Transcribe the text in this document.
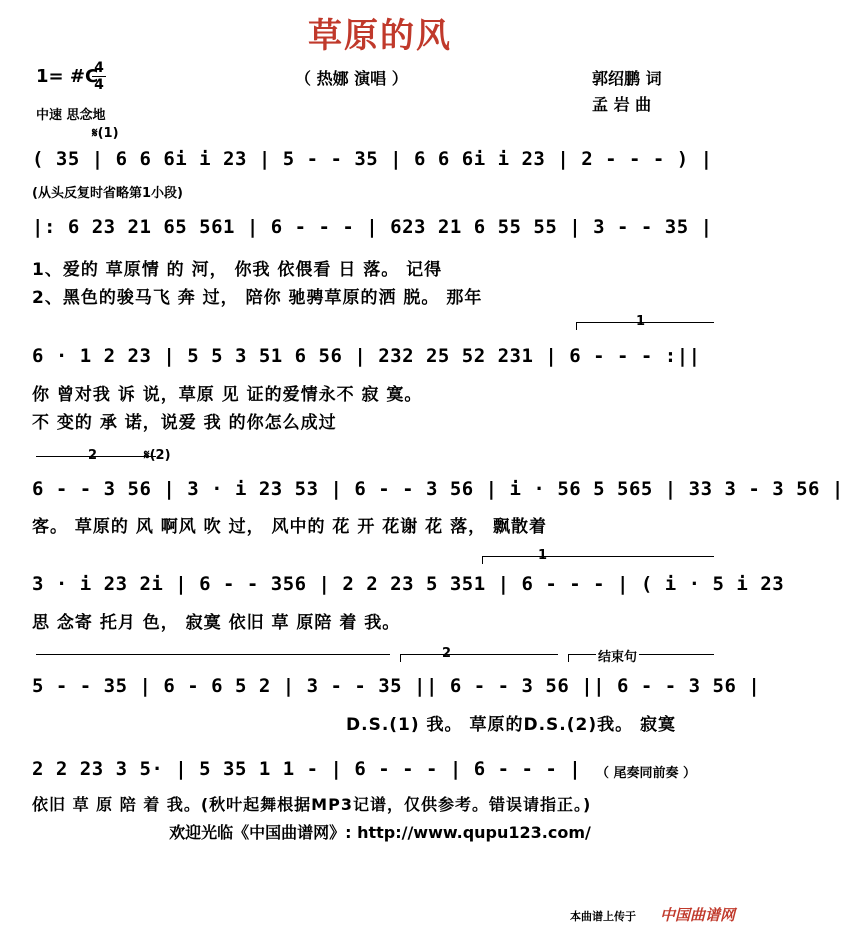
草原的风
（ 热娜 演唱 ）
1= #C
4
4
中速 思念地
郭绍鹏 词
孟 岩 曲
𝄋(1)
( 35 | 6 6 6i i 23 | 5 - - 35 | 6 6 6i i 23 | 2 - - - ) |
(从头反复时省略第1小段)
|: 6 23 21 65 561 | 6 - - - | 623 21 6 55 55 | 3 - - 35 |
1、爱的 草原情 的 河， 你我 依偎看 日 落。 记得
2、黑色的骏马飞 奔 过， 陪你 驰骋草原的洒 脱。 那年
1
6 · 1 2 23 | 5 5 3 51 6 56 | 232 25 52 231 | 6 - - - :||
你 曾对我 诉 说，草原 见 证的爱情永不 寂 寞。
不 变的 承 诺，说爱 我 的你怎么成过
2	𝄋(2)
6 - - 3 56 | 3 · i 23 53 | 6 - - 3 56 | i · 56 5 565 | 33 3 - 3 56 |
客。 草原的 风 啊风 吹 过， 风中的 花 开 花谢 花 落， 飘散着
1
3 · i 23 2i | 6 - - 356 | 2 2 23 5 351 | 6 - - - | ( i · 5 i 23
思 念寄 托月 色， 寂寞 依旧 草 原陪 着 我。
2	结束句
5 - - 35 | 6 - 6 5 2 | 3 - - 35 || 6 - - 3 56 || 6 - - 3 56 |
D.S.(1) 我。 草原的D.S.(2)我。 寂寞
2 2 23 3 5· | 5 35 1 1 - | 6 - - - | 6 - - - | （ 尾奏同前奏 ）
依旧 草 原 陪 着 我。(秋叶起舞根据MP3记谱，仅供参考。错误请指正。)
欢迎光临《中国曲谱网》: http://www.qupu123.com/
本曲谱上传于 中国曲谱网
